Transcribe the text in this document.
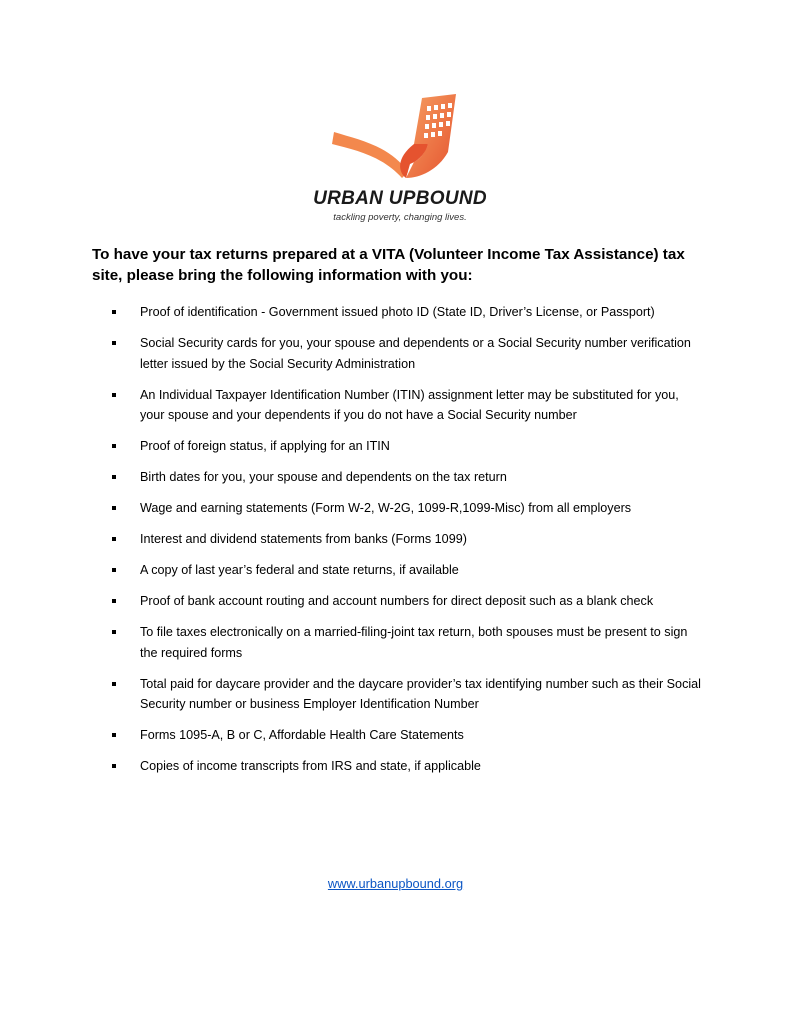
URBAN UPBOUND
tackling poverty, changing lives.
To have your tax returns prepared at a VITA (Volunteer Income Tax Assistance) tax site, please bring the following information with you:
Proof of identification - Government issued photo ID (State ID, Driver’s License, or Passport)
Social Security cards for you, your spouse and dependents or a Social Security number verification letter issued by the Social Security Administration
An Individual Taxpayer Identification Number (ITIN) assignment letter may be substituted for you, your spouse and your dependents if you do not have a Social Security number
Proof of foreign status, if applying for an ITIN
Birth dates for you, your spouse and dependents on the tax return
Wage and earning statements (Form W-2, W-2G, 1099-R,1099-Misc) from all employers
Interest and dividend statements from banks (Forms 1099)
A copy of last year’s federal and state returns, if available
Proof of bank account routing and account numbers for direct deposit such as a blank check
To file taxes electronically on a married-filing-joint tax return, both spouses must be present to sign the required forms
Total paid for daycare provider and the daycare provider’s tax identifying number such as their Social Security number or business Employer Identification Number
Forms 1095-A, B or C, Affordable Health Care Statements
Copies of income transcripts from IRS and state, if applicable
www.urbanupbound.org
